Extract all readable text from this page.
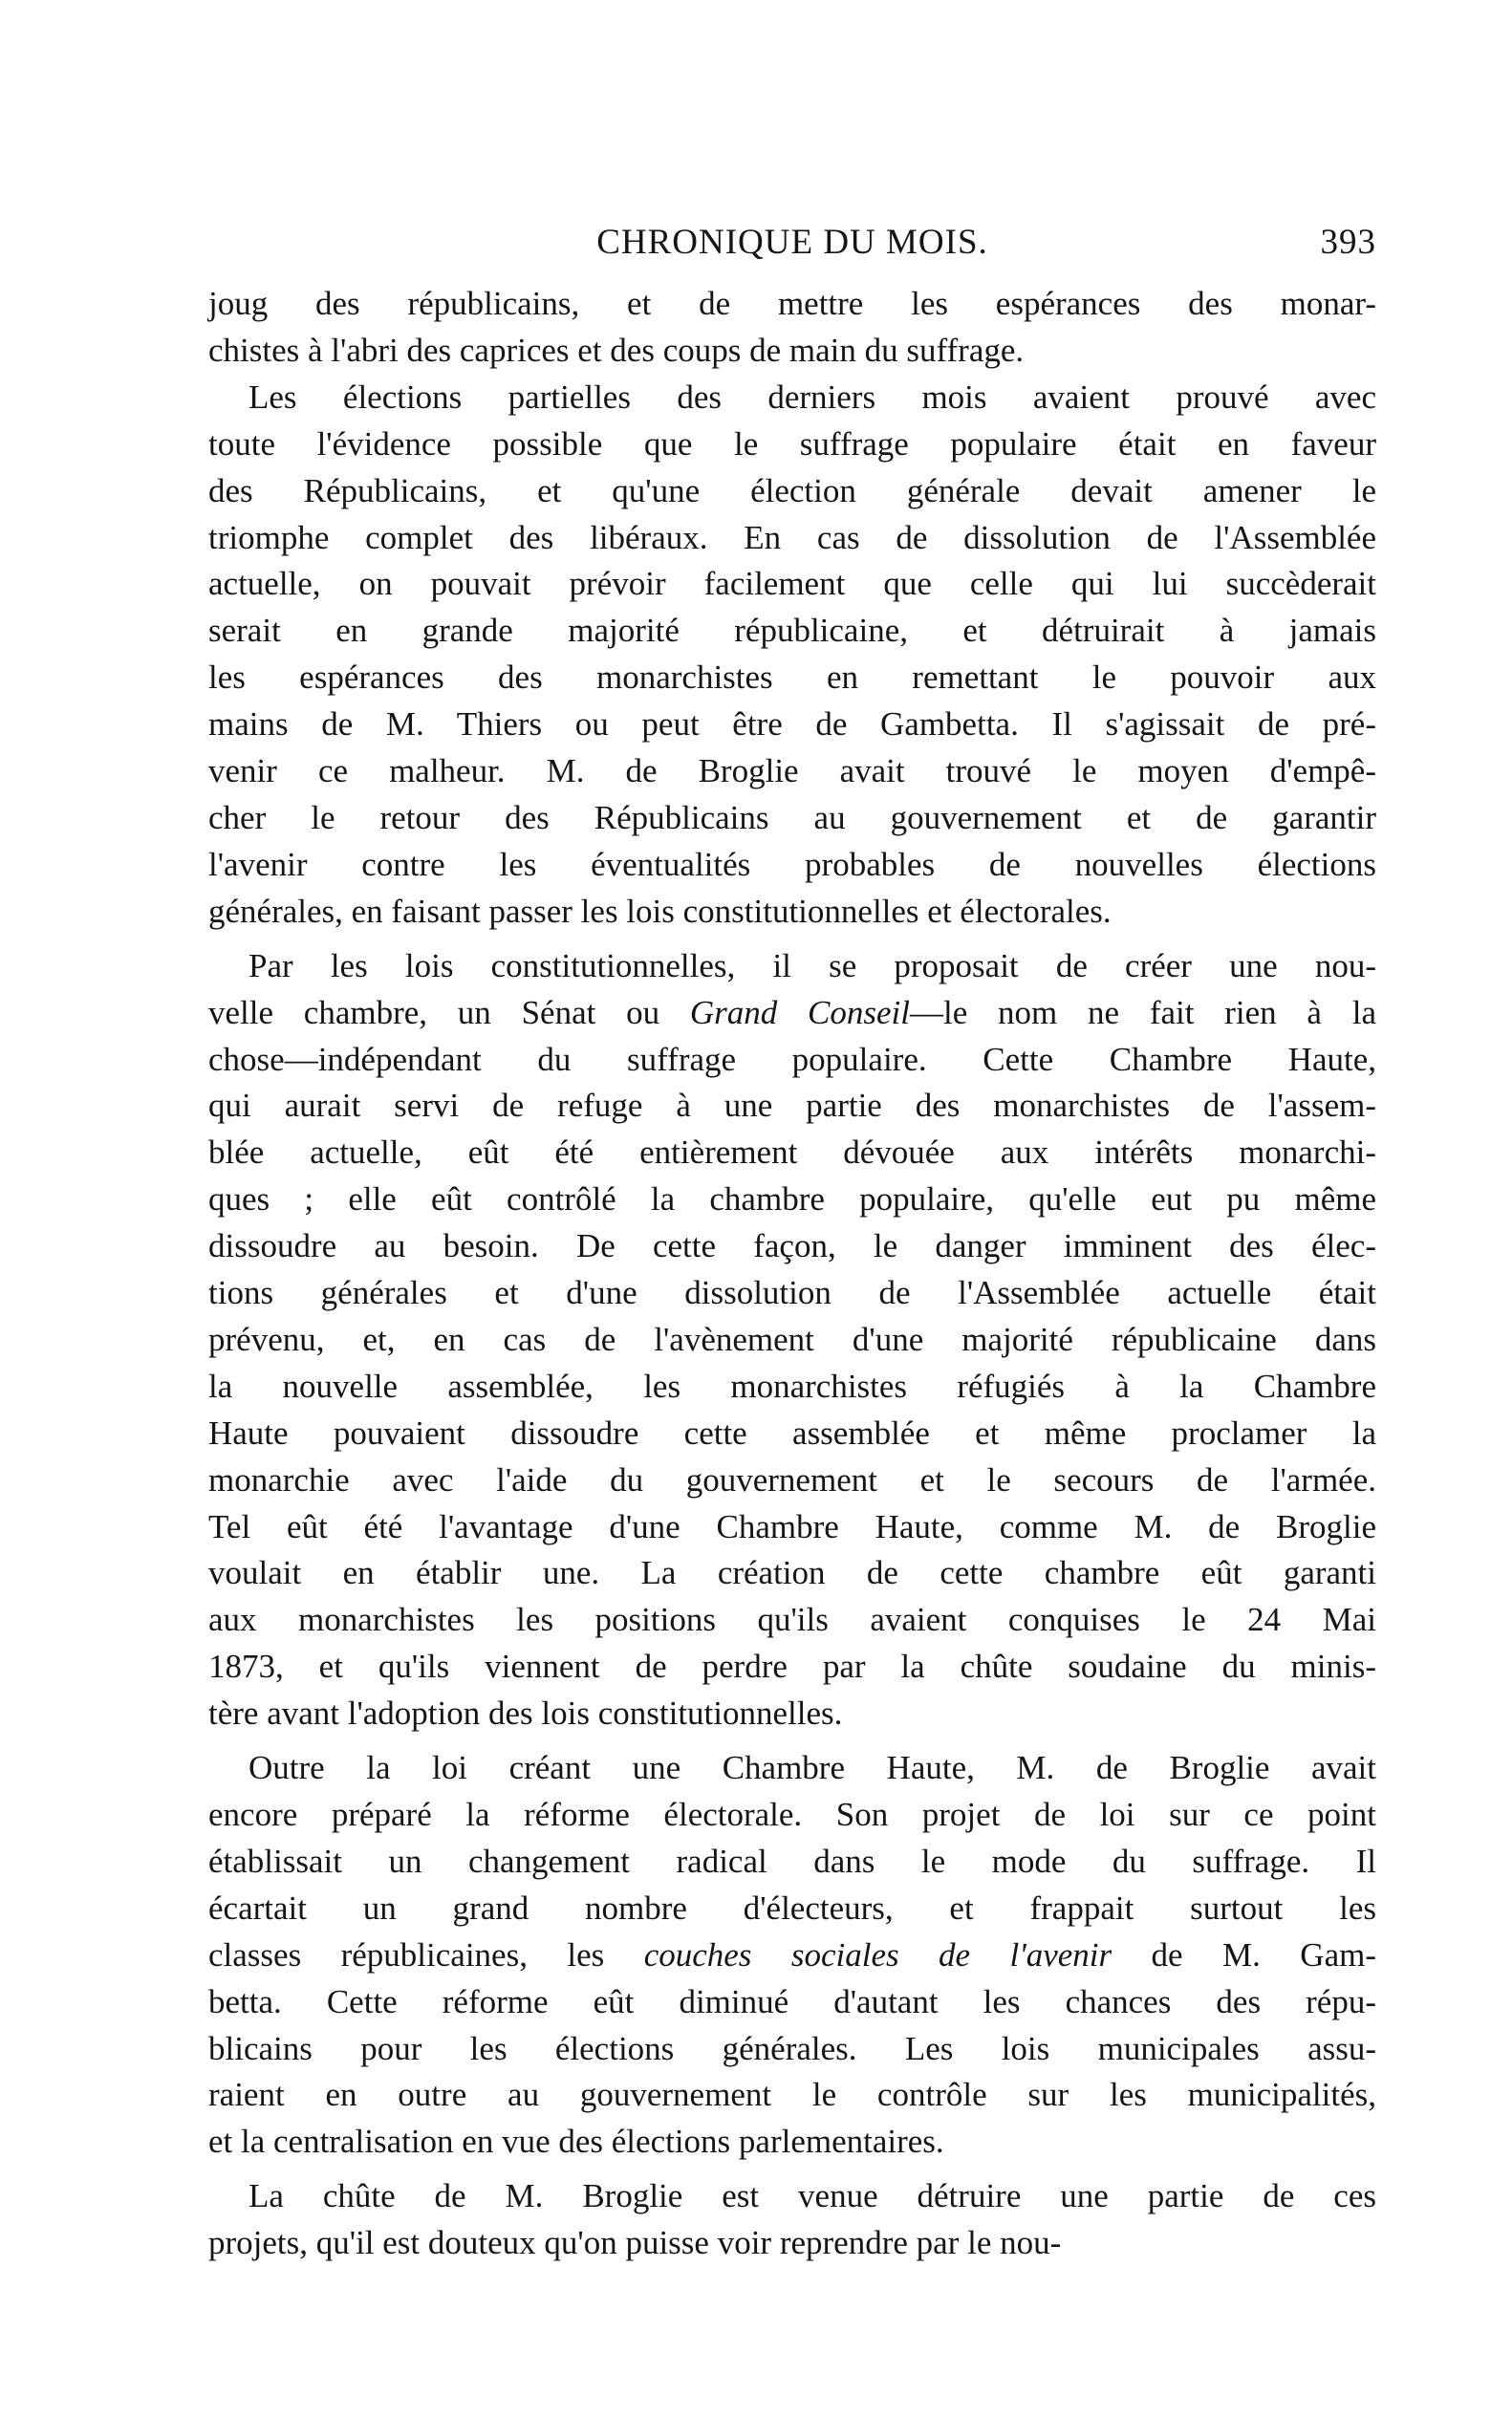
CHRONIQUE DU MOIS.	393
joug des républicains, et de mettre les espérances des monar-
chistes à l'abri des caprices et des coups de main du suffrage.
Les élections partielles des derniers mois avaient prouvé avec
toute l'évidence possible que le suffrage populaire était en faveur
des Républicains, et qu'une élection générale devait amener le
triomphe complet des libéraux. En cas de dissolution de l'Assemblée
actuelle, on pouvait prévoir facilement que celle qui lui succèderait
serait en grande majorité républicaine, et détruirait à jamais
les espérances des monarchistes en remettant le pouvoir aux
mains de M. Thiers ou peut être de Gambetta. Il s'agissait de pré-
venir ce malheur. M. de Broglie avait trouvé le moyen d'empê-
cher le retour des Républicains au gouvernement et de garantir
l'avenir contre les éventualités probables de nouvelles élections
générales, en faisant passer les lois constitutionnelles et électorales.
Par les lois constitutionnelles, il se proposait de créer une nou-
velle chambre, un Sénat ou Grand Conseil—le nom ne fait rien à la
chose—indépendant du suffrage populaire. Cette Chambre Haute,
qui aurait servi de refuge à une partie des monarchistes de l'assem-
blée actuelle, eût été entièrement dévouée aux intérêts monarchi-
ques ; elle eût contrôlé la chambre populaire, qu'elle eut pu même
dissoudre au besoin. De cette façon, le danger imminent des élec-
tions générales et d'une dissolution de l'Assemblée actuelle était
prévenu, et, en cas de l'avènement d'une majorité républicaine dans
la nouvelle assemblée, les monarchistes réfugiés à la Chambre
Haute pouvaient dissoudre cette assemblée et même proclamer la
monarchie avec l'aide du gouvernement et le secours de l'armée.
Tel eût été l'avantage d'une Chambre Haute, comme M. de Broglie
voulait en établir une. La création de cette chambre eût garanti
aux monarchistes les positions qu'ils avaient conquises le 24 Mai
1873, et qu'ils viennent de perdre par la chûte soudaine du minis-
tère avant l'adoption des lois constitutionnelles.
Outre la loi créant une Chambre Haute, M. de Broglie avait
encore préparé la réforme électorale. Son projet de loi sur ce point
établissait un changement radical dans le mode du suffrage. Il
écartait un grand nombre d'électeurs, et frappait surtout les
classes républicaines, les couches sociales de l'avenir de M. Gam-
betta. Cette réforme eût diminué d'autant les chances des répu-
blicains pour les élections générales. Les lois municipales assu-
raient en outre au gouvernement le contrôle sur les municipalités,
et la centralisation en vue des élections parlementaires.
La chûte de M. Broglie est venue détruire une partie de ces
projets, qu'il est douteux qu'on puisse voir reprendre par le nou-
